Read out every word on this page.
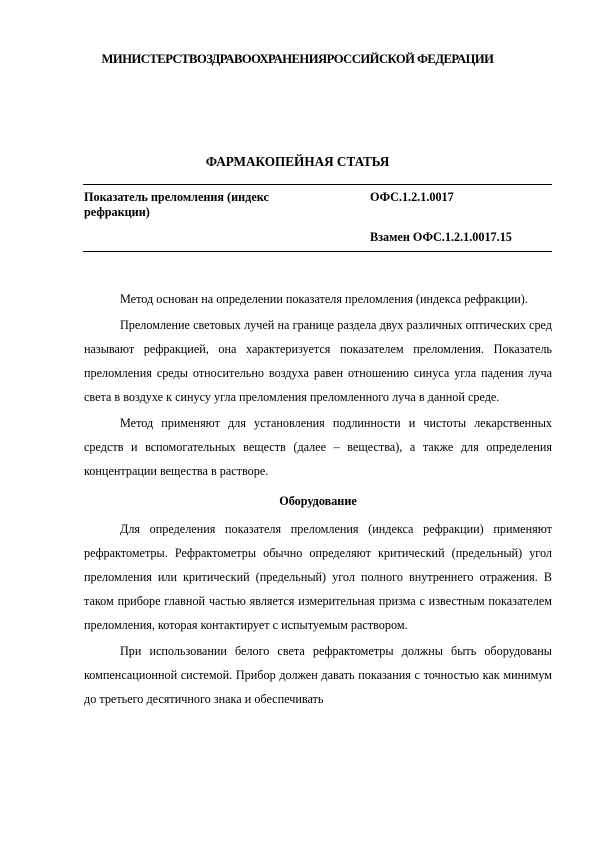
МИНИСТЕРСТВОЗДРАВООХРАНЕНИЯРОССИЙСКОЙ ФЕДЕРАЦИИ
ФАРМАКОПЕЙНАЯ СТАТЬЯ
Показатель преломления (индекс рефракции)
ОФС.1.2.1.0017
Взамен ОФС.1.2.1.0017.15

Метод основан на определении показателя преломления (индекса рефракции).

Преломление световых лучей на границе раздела двух различных оптических сред называют рефракцией, она характеризуется показателем преломления. Показатель преломления среды относительно воздуха равен отношению синуса угла падения луча света в воздухе к синусу угла преломления преломленного луча в данной среде.

Метод применяют для установления подлинности и чистоты лекарственных средств и вспомогательных веществ (далее – вещества), а также для определения концентрации вещества в растворе.

Оборудование

Для определения показателя преломления (индекса рефракции) применяют рефрактометры. Рефрактометры обычно определяют критический (предельный) угол преломления или критический (предельный) угол полного внутреннего отражения. В таком приборе главной частью является измерительная призма с известным показателем преломления, которая контактирует с испытуемым раствором.

При использовании белого света рефрактометры должны быть оборудованы компенсационной системой. Прибор должен давать показания с точностью как минимум до третьего десятичного знака и обеспечивать
